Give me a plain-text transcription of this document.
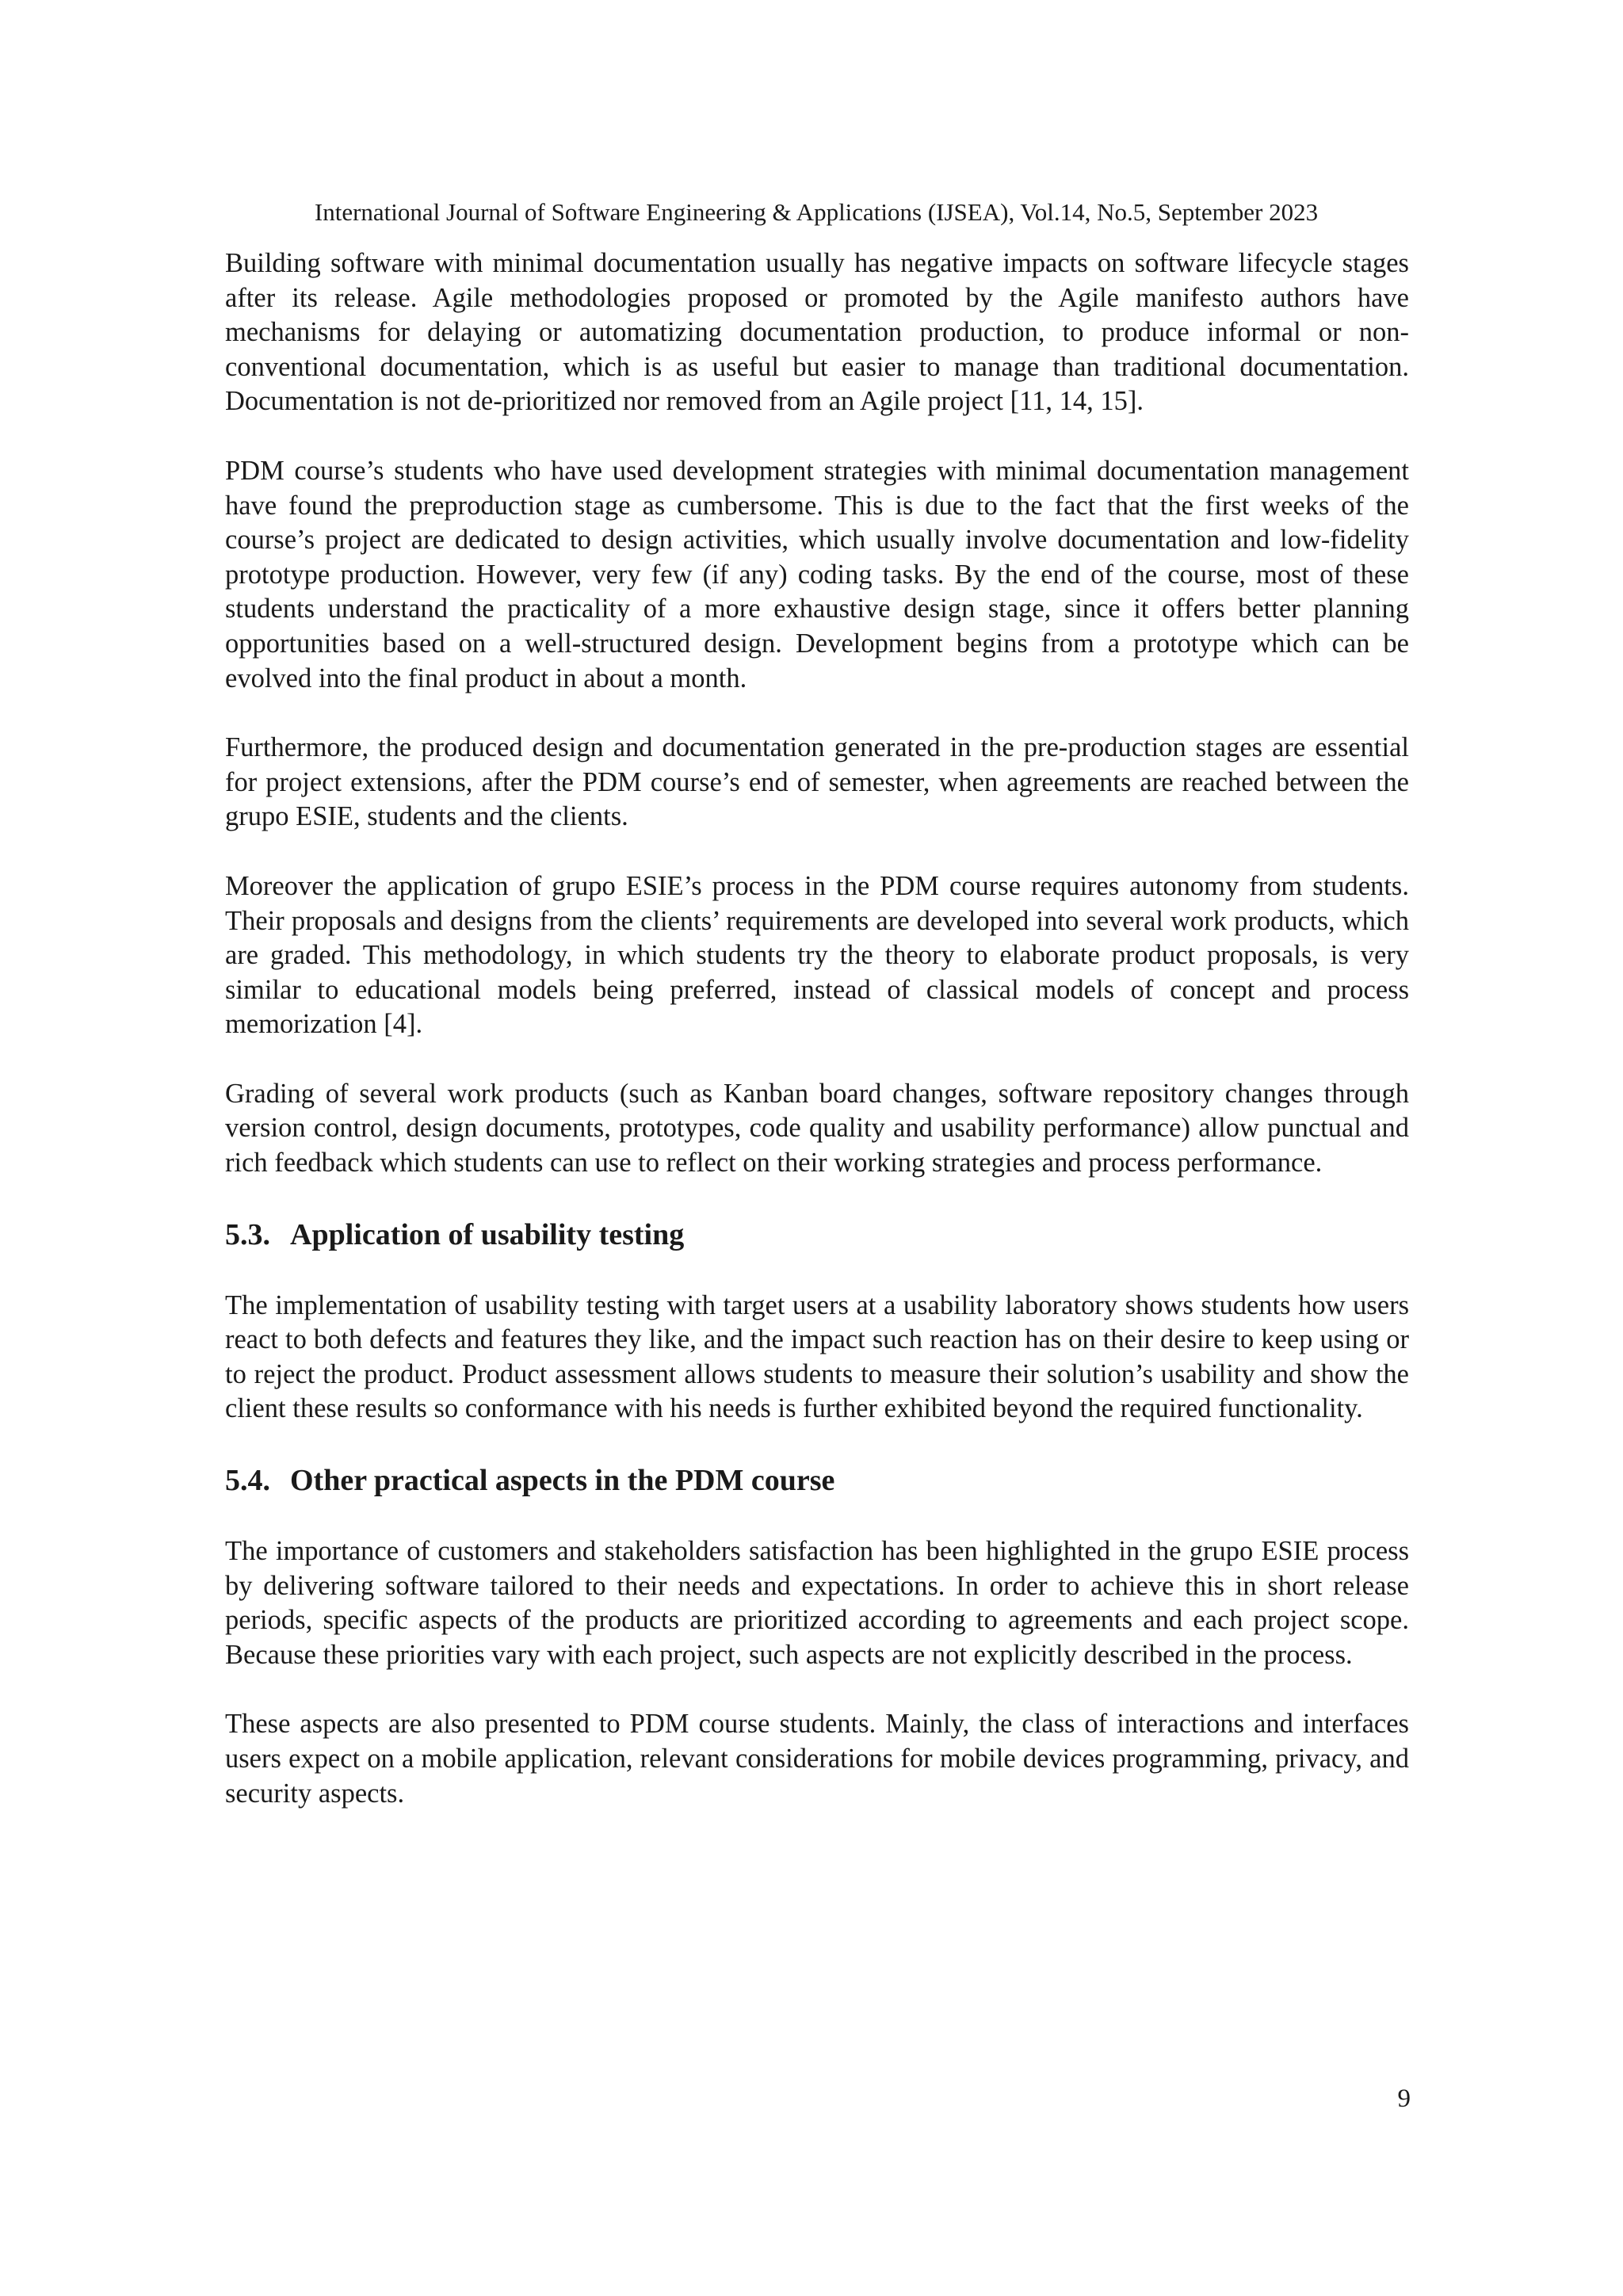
International Journal of Software Engineering & Applications (IJSEA), Vol.14, No.5, September 2023

Building software with minimal documentation usually has negative impacts on software lifecycle stages after its release. Agile methodologies proposed or promoted by the Agile manifesto authors have mechanisms for delaying or automatizing documentation production, to produce informal or non-conventional documentation, which is as useful but easier to manage than traditional documentation. Documentation is not de-prioritized nor removed from an Agile project [11, 14, 15].

PDM course’s students who have used development strategies with minimal documentation management have found the preproduction stage as cumbersome. This is due to the fact that the first weeks of the course’s project are dedicated to design activities, which usually involve documentation and low-fidelity prototype production. However, very few (if any) coding tasks. By the end of the course, most of these students understand the practicality of a more exhaustive design stage, since it offers better planning opportunities based on a well-structured design. Development begins from a prototype which can be evolved into the final product in about a month.

Furthermore, the produced design and documentation generated in the pre-production stages are essential for project extensions, after the PDM course’s end of semester, when agreements are reached between the grupo ESIE, students and the clients.

Moreover the application of grupo ESIE’s process in the PDM course requires autonomy from students. Their proposals and designs from the clients’ requirements are developed into several work products, which are graded. This methodology, in which students try the theory to elaborate product proposals, is very similar to educational models being preferred, instead of classical models of concept and process memorization [4].

Grading of several work products (such as Kanban board changes, software repository changes through version control, design documents, prototypes, code quality and usability performance) allow punctual and rich feedback which students can use to reflect on their working strategies and process performance.

5.3. Application of usability testing

The implementation of usability testing with target users at a usability laboratory shows students how users react to both defects and features they like, and the impact such reaction has on their desire to keep using or to reject the product. Product assessment allows students to measure their solution’s usability and show the client these results so conformance with his needs is further exhibited beyond the required functionality.

5.4. Other practical aspects in the PDM course

The importance of customers and stakeholders satisfaction has been highlighted in the grupo ESIE process by delivering software tailored to their needs and expectations. In order to achieve this in short release periods, specific aspects of the products are prioritized according to agreements and each project scope. Because these priorities vary with each project, such aspects are not explicitly described in the process.

These aspects are also presented to PDM course students. Mainly, the class of interactions and interfaces users expect on a mobile application, relevant considerations for mobile devices programming, privacy, and security aspects.

9
